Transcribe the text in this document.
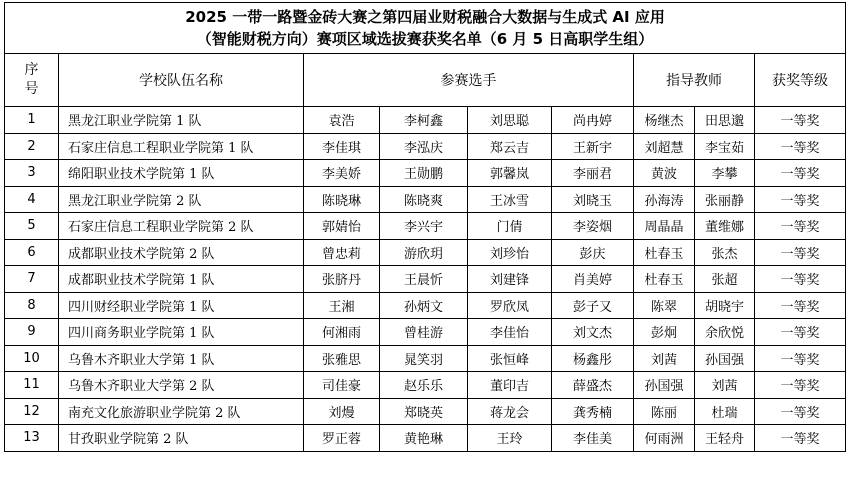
2025 一带一路暨金砖大赛之第四届业财税融合大数据与生成式 AI 应用
（智能财税方向）赛项区域选拔赛获奖名单（6 月 5 日高职学生组）								

序
号	学校队伍名称	参赛选手				指导教师		获奖等级
1	黑龙江职业学院第 1 队	袁浩	李柯鑫	刘思聪	尚冉婷	杨继杰	田思邈	一等奖
2	石家庄信息工程职业学院第 1 队	李佳琪	李泓庆	郑云吉	王新宇	刘超慧	李宝茹	一等奖
3	绵阳职业技术学院第 1 队	李美娇	王勋鹏	郭馨岚	李丽君	黄波	李攀	一等奖
4	黑龙江职业学院第 2 队	陈晓琳	陈晓爽	王冰雪	刘晓玉	孙海涛	张丽静	一等奖
5	石家庄信息工程职业学院第 2 队	郭婧怡	李兴宇	门倩	李姿烟	周晶晶	董维娜	一等奖
6	成都职业技术学院第 2 队	曾忠莉	游欣玥	刘珍怡	彭庆	杜春玉	张杰	一等奖
7	成都职业技术学院第 1 队	张脐丹	王晨忻	刘建锋	肖美婷	杜春玉	张超	一等奖
8	四川财经职业学院第 1 队	王湘	孙炳文	罗欣凤	彭子又	陈翠	胡晓宇	一等奖
9	四川商务职业学院第 1 队	何湘雨	曾桂游	李佳怡	刘文杰	彭炯	余欣悦	一等奖
10	乌鲁木齐职业大学第 1 队	张雅思	晁笑羽	张恒峰	杨鑫彤	刘茜	孙国强	一等奖
11	乌鲁木齐职业大学第 2 队	司佳豪	赵乐乐	董印吉	薛盛杰	孙国强	刘茜	一等奖
12	南充文化旅游职业学院第 2 队	刘熳	郑晓英	蒋龙会	龚秀楠	陈丽	杜瑞	一等奖
13	甘孜职业学院第 2 队	罗正蓉	黄艳琳	王玲	李佳美	何雨洲	王轻舟	一等奖
